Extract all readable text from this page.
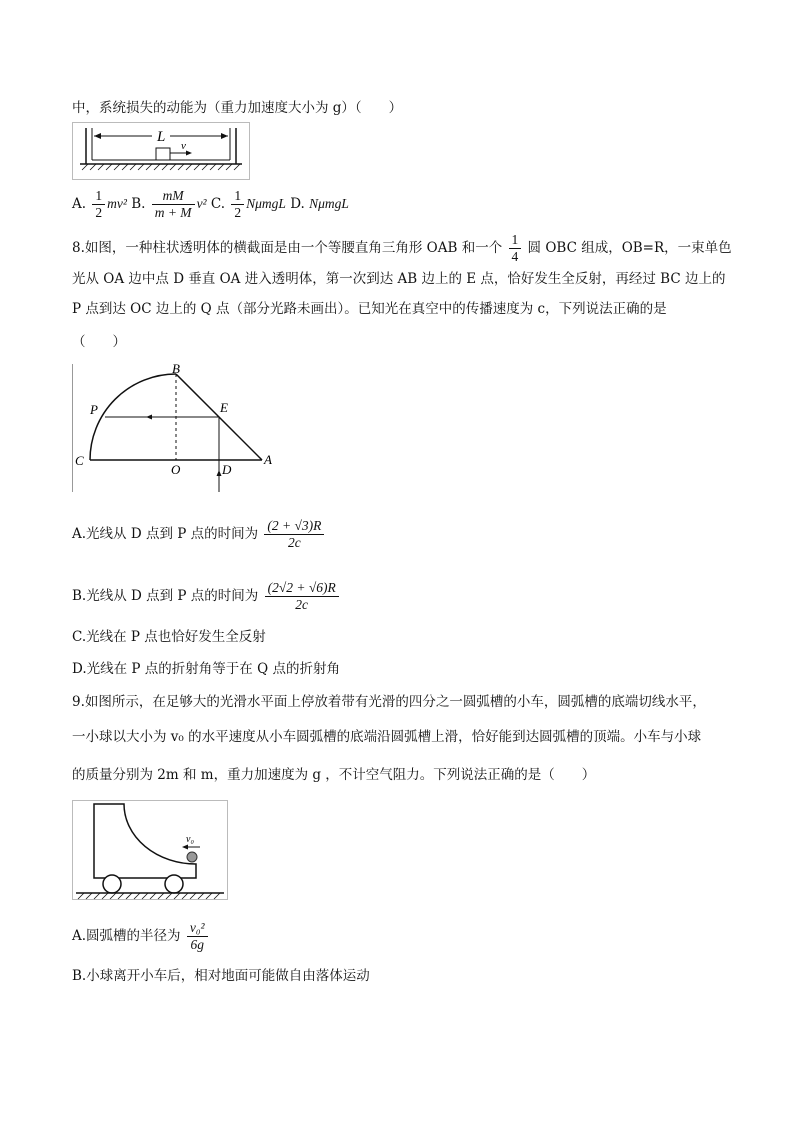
中，系统损失的动能为（重力加速度大小为 g）（　　）
L
v
A. $\frac{1}{2} mv^2$ B. $\frac{mM}{m + M} v^2$ C. $\frac{1}{2}$ NμmgL D. NμmgL
8.如图，一种柱状透明体的横截面是由一个等腰直角三角形 OAB 和一个 $\frac{1}{4}$ 圆 OBC 组成，OB=R，一束单色
光从 OA 边中点 D 垂直 OA 进入透明体，第一次到达 AB 边上的 E 点，恰好发生全反射，再经过 BC 边上的
P 点到达 OC 边上的 Q 点（部分光路未画出）。已知光在真空中的传播速度为 c，下列说法正确的是
（　　）
B
P	E
C
O	D
A
A.光线从 D 点到 P 点的时间为 $\frac{(2 + √3)R}{2c}$
B.光线从 D 点到 P 点的时间为 $\frac{(2√2 + √6)R}{2c}$
C.光线在 P 点也恰好发生全反射
D.光线在 P 点的折射角等于在 Q 点的折射角
9.如图所示，在足够大的光滑水平面上停放着带有光滑的四分之一圆弧槽的小车，圆弧槽的底端切线水平，
一小球以大小为 v₀ 的水平速度从小车圆弧槽的底端沿圆弧槽上滑，恰好能到达圆弧槽的顶端。小车与小球
的质量分别为 2m 和 m，重力加速度为 g ，不计空气阻力。下列说法正确的是（　　）
v₀
A.圆弧槽的半径为 $\frac{\text{v₀²}}{6g}$
B.小球离开小车后，相对地面可能做自由落体运动
